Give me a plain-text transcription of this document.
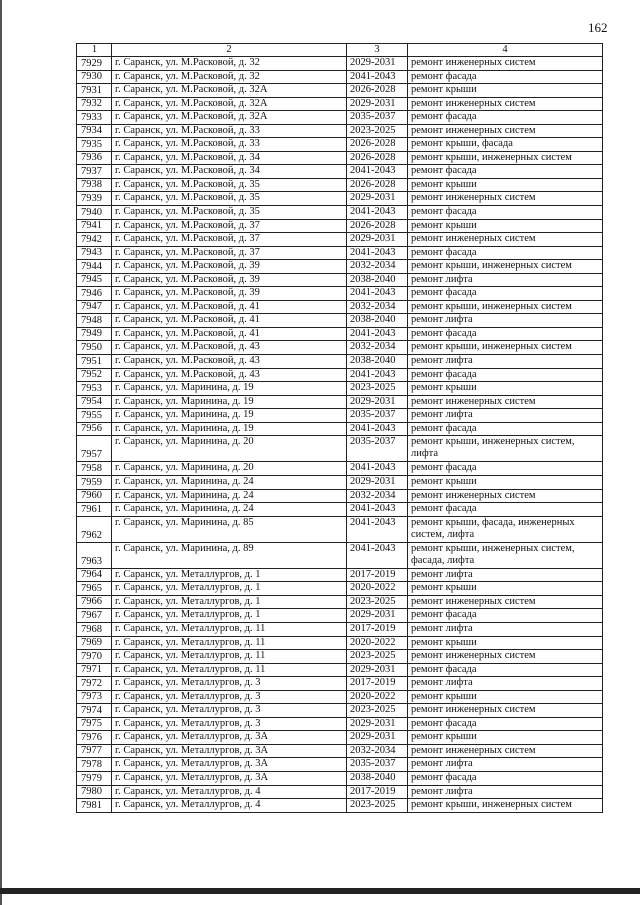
162
1	2	3	4
7929	г. Саранск, ул. М.Расковой, д. 32	2029-2031	ремонт инженерных систем
7930	г. Саранск, ул. М.Расковой, д. 32	2041-2043	ремонт фасада
7931	г. Саранск, ул. М.Расковой, д. 32А	2026-2028	ремонт крыши
7932	г. Саранск, ул. М.Расковой, д. 32А	2029-2031	ремонт инженерных систем
7933	г. Саранск, ул. М.Расковой, д. 32А	2035-2037	ремонт фасада
7934	г. Саранск, ул. М.Расковой, д. 33	2023-2025	ремонт инженерных систем
7935	г. Саранск, ул. М.Расковой, д. 33	2026-2028	ремонт крыши, фасада
7936	г. Саранск, ул. М.Расковой, д. 34	2026-2028	ремонт крыши, инженерных систем
7937	г. Саранск, ул. М.Расковой, д. 34	2041-2043	ремонт фасада
7938	г. Саранск, ул. М.Расковой, д. 35	2026-2028	ремонт крыши
7939	г. Саранск, ул. М.Расковой, д. 35	2029-2031	ремонт инженерных систем
7940	г. Саранск, ул. М.Расковой, д. 35	2041-2043	ремонт фасада
7941	г. Саранск, ул. М.Расковой, д. 37	2026-2028	ремонт крыши
7942	г. Саранск, ул. М.Расковой, д. 37	2029-2031	ремонт инженерных систем
7943	г. Саранск, ул. М.Расковой, д. 37	2041-2043	ремонт фасада
7944	г. Саранск, ул. М.Расковой, д. 39	2032-2034	ремонт крыши, инженерных систем
7945	г. Саранск, ул. М.Расковой, д. 39	2038-2040	ремонт лифта
7946	г. Саранск, ул. М.Расковой, д. 39	2041-2043	ремонт фасада
7947	г. Саранск, ул. М.Расковой, д. 41	2032-2034	ремонт крыши, инженерных систем
7948	г. Саранск, ул. М.Расковой, д. 41	2038-2040	ремонт лифта
7949	г. Саранск, ул. М.Расковой, д. 41	2041-2043	ремонт фасада
7950	г. Саранск, ул. М.Расковой, д. 43	2032-2034	ремонт крыши, инженерных систем
7951	г. Саранск, ул. М.Расковой, д. 43	2038-2040	ремонт лифта
7952	г. Саранск, ул. М.Расковой, д. 43	2041-2043	ремонт фасада
7953	г. Саранск, ул. Маринина, д. 19	2023-2025	ремонт крыши
7954	г. Саранск, ул. Маринина, д. 19	2029-2031	ремонт инженерных систем
7955	г. Саранск, ул. Маринина, д. 19	2035-2037	ремонт лифта
7956	г. Саранск, ул. Маринина, д. 19	2041-2043	ремонт фасада
7957	г. Саранск, ул. Маринина, д. 20	2035-2037	ремонт крыши, инженерных систем, лифта
7958	г. Саранск, ул. Маринина, д. 20	2041-2043	ремонт фасада
7959	г. Саранск, ул. Маринина, д. 24	2029-2031	ремонт крыши
7960	г. Саранск, ул. Маринина, д. 24	2032-2034	ремонт инженерных систем
7961	г. Саранск, ул. Маринина, д. 24	2041-2043	ремонт фасада
7962	г. Саранск, ул. Маринина, д. 85	2041-2043	ремонт крыши, фасада, инженерных систем, лифта
7963	г. Саранск, ул. Маринина, д. 89	2041-2043	ремонт крыши, инженерных систем, фасада, лифта
7964	г. Саранск, ул. Металлургов, д. 1	2017-2019	ремонт лифта
7965	г. Саранск, ул. Металлургов, д. 1	2020-2022	ремонт крыши
7966	г. Саранск, ул. Металлургов, д. 1	2023-2025	ремонт инженерных систем
7967	г. Саранск, ул. Металлургов, д. 1	2029-2031	ремонт фасада
7968	г. Саранск, ул. Металлургов, д. 11	2017-2019	ремонт лифта
7969	г. Саранск, ул. Металлургов, д. 11	2020-2022	ремонт крыши
7970	г. Саранск, ул. Металлургов, д. 11	2023-2025	ремонт инженерных систем
7971	г. Саранск, ул. Металлургов, д. 11	2029-2031	ремонт фасада
7972	г. Саранск, ул. Металлургов, д. 3	2017-2019	ремонт лифта
7973	г. Саранск, ул. Металлургов, д. 3	2020-2022	ремонт крыши
7974	г. Саранск, ул. Металлургов, д. 3	2023-2025	ремонт инженерных систем
7975	г. Саранск, ул. Металлургов, д. 3	2029-2031	ремонт фасада
7976	г. Саранск, ул. Металлургов, д. 3А	2029-2031	ремонт крыши
7977	г. Саранск, ул. Металлургов, д. 3А	2032-2034	ремонт инженерных систем
7978	г. Саранск, ул. Металлургов, д. 3А	2035-2037	ремонт лифта
7979	г. Саранск, ул. Металлургов, д. 3А	2038-2040	ремонт фасада
7980	г. Саранск, ул. Металлургов, д. 4	2017-2019	ремонт лифта
7981	г. Саранск, ул. Металлургов, д. 4	2023-2025	ремонт крыши, инженерных систем
